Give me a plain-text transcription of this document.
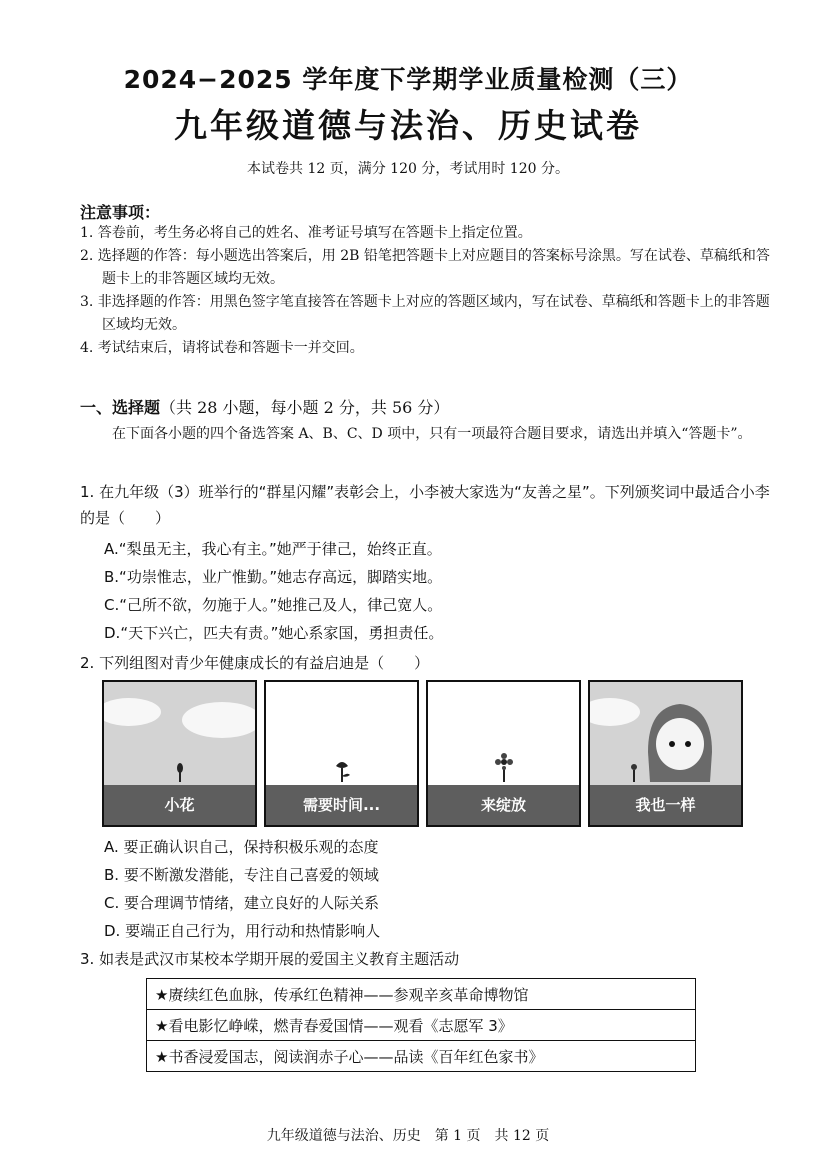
2024−2025 学年度下学期学业质量检测（三）
九年级道德与法治、历史试卷
本试卷共 12 页，满分 120 分，考试用时 120 分。
注意事项：
1. 答卷前，考生务必将自己的姓名、准考证号填写在答题卡上指定位置。
2. 选择题的作答：每小题选出答案后，用 2B 铅笔把答题卡上对应题目的答案标号涂黑。写在试卷、草稿纸和答题卡上的非答题区域均无效。
3. 非选择题的作答：用黑色签字笔直接答在答题卡上对应的答题区域内，写在试卷、草稿纸和答题卡上的非答题区域均无效。
4. 考试结束后，请将试卷和答题卡一并交回。
一、选择题（共 28 小题，每小题 2 分，共 56 分）
在下面各小题的四个备选答案 A、B、C、D 项中，只有一项最符合题目要求，请选出并填入“答题卡”。
1. 在九年级（3）班举行的“群星闪耀”表彰会上，小李被大家选为“友善之星”。下列颁奖词中最适合小李的是（　　）
A.“梨虽无主，我心有主。”她严于律己，始终正直。
B.“功崇惟志，业广惟勤。”她志存高远，脚踏实地。
C.“己所不欲，勿施于人。”她推己及人，律己宽人。
D.“天下兴亡，匹夫有责。”她心系家国，勇担责任。
2. 下列组图对青少年健康成长的有益启迪是（　　）
小花	需要时间...	来绽放	我也一样
A. 要正确认识自己，保持积极乐观的态度
B. 要不断激发潜能，专注自己喜爱的领域
C. 要合理调节情绪，建立良好的人际关系
D. 要端正自己行为，用行动和热情影响人
3. 如表是武汉市某校本学期开展的爱国主义教育主题活动
★赓续红色血脉，传承红色精神——参观辛亥革命博物馆
★看电影忆峥嵘，燃青春爱国情——观看《志愿军 3》
★书香浸爱国志，阅读润赤子心——品读《百年红色家书》
九年级道德与法治、历史　第 1 页　共 12 页
